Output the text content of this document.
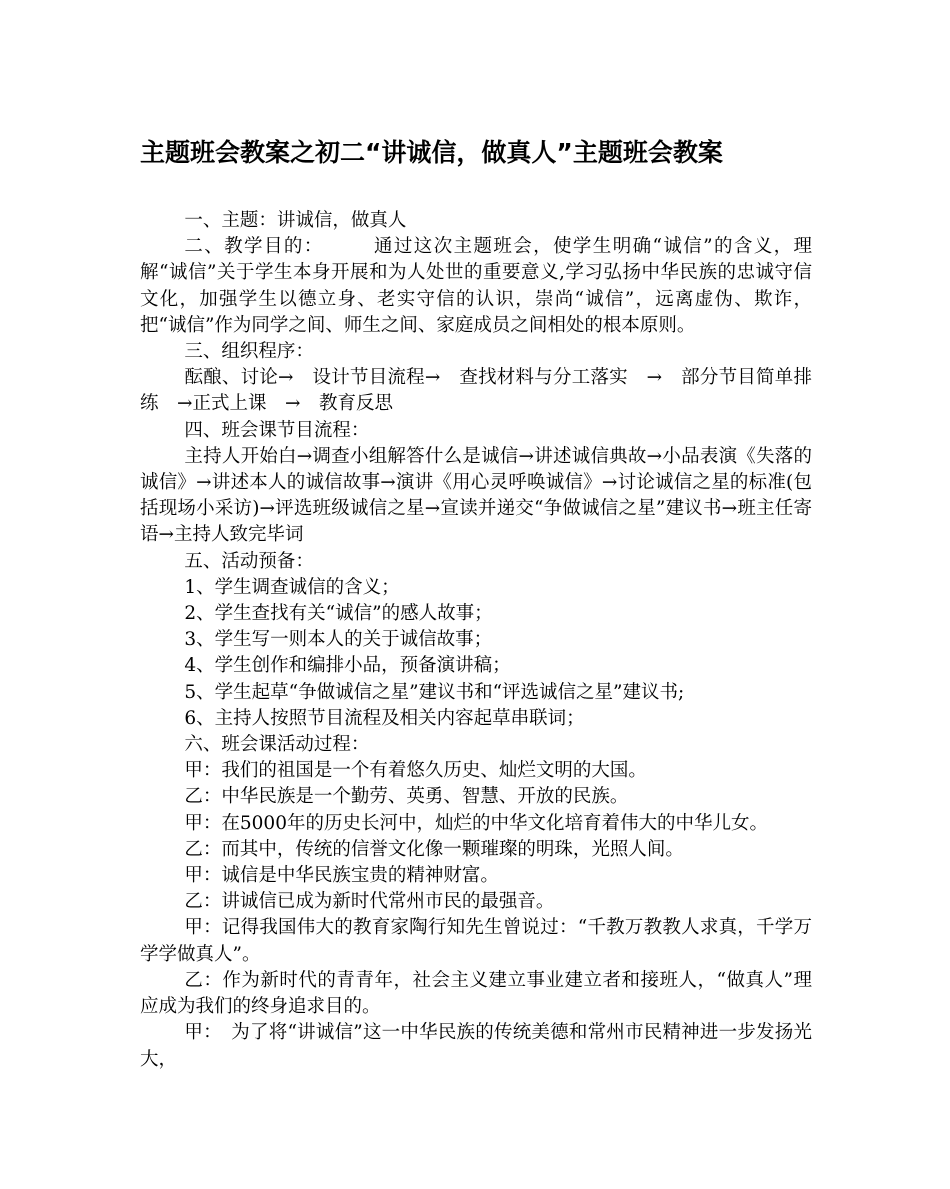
主题班会教案之初二“讲诚信，做真人”主题班会教案

一、主题：讲诚信，做真人

二、教学目的：　　　通过这次主题班会，使学生明确“诚信”的含义，理解“诚信”关于学生本身开展和为人处世的重要意义,学习弘扬中华民族的忠诚守信文化，加强学生以德立身、老实守信的认识，崇尚“诚信”，远离虚伪、欺诈，把“诚信”作为同学之间、师生之间、家庭成员之间相处的根本原则。

三、组织程序：

酝酿、讨论→　设计节目流程→　查找材料与分工落实　→　部分节目简单排练　→正式上课　→　教育反思

四、班会课节目流程：

主持人开始白→调查小组解答什么是诚信→讲述诚信典故→小品表演《失落的诚信》→讲述本人的诚信故事→演讲《用心灵呼唤诚信》→讨论诚信之星的标准(包括现场小采访)→评选班级诚信之星→宣读并递交“争做诚信之星”建议书→班主任寄语→主持人致完毕词

五、活动预备：

1、学生调查诚信的含义；

2、学生查找有关“诚信”的感人故事；

3、学生写一则本人的关于诚信故事；

4、学生创作和编排小品，预备演讲稿；

5、学生起草“争做诚信之星”建议书和“评选诚信之星”建议书;

6、主持人按照节目流程及相关内容起草串联词；

六、班会课活动过程：

甲：我们的祖国是一个有着悠久历史、灿烂文明的大国。

乙：中华民族是一个勤劳、英勇、智慧、开放的民族。

甲：在5000年的历史长河中，灿烂的中华文化培育着伟大的中华儿女。

乙：而其中，传统的信誉文化像一颗璀璨的明珠，光照人间。

甲：诚信是中华民族宝贵的精神财富。

乙：讲诚信已成为新时代常州市民的最强音。

甲：记得我国伟大的教育家陶行知先生曾说过：“千教万教教人求真，千学万学学做真人”。

乙：作为新时代的青青年，社会主义建立事业建立者和接班人，“做真人”理应成为我们的终身追求目的。

甲：　为了将“讲诚信”这一中华民族的传统美德和常州市民精神进一步发扬光大，
